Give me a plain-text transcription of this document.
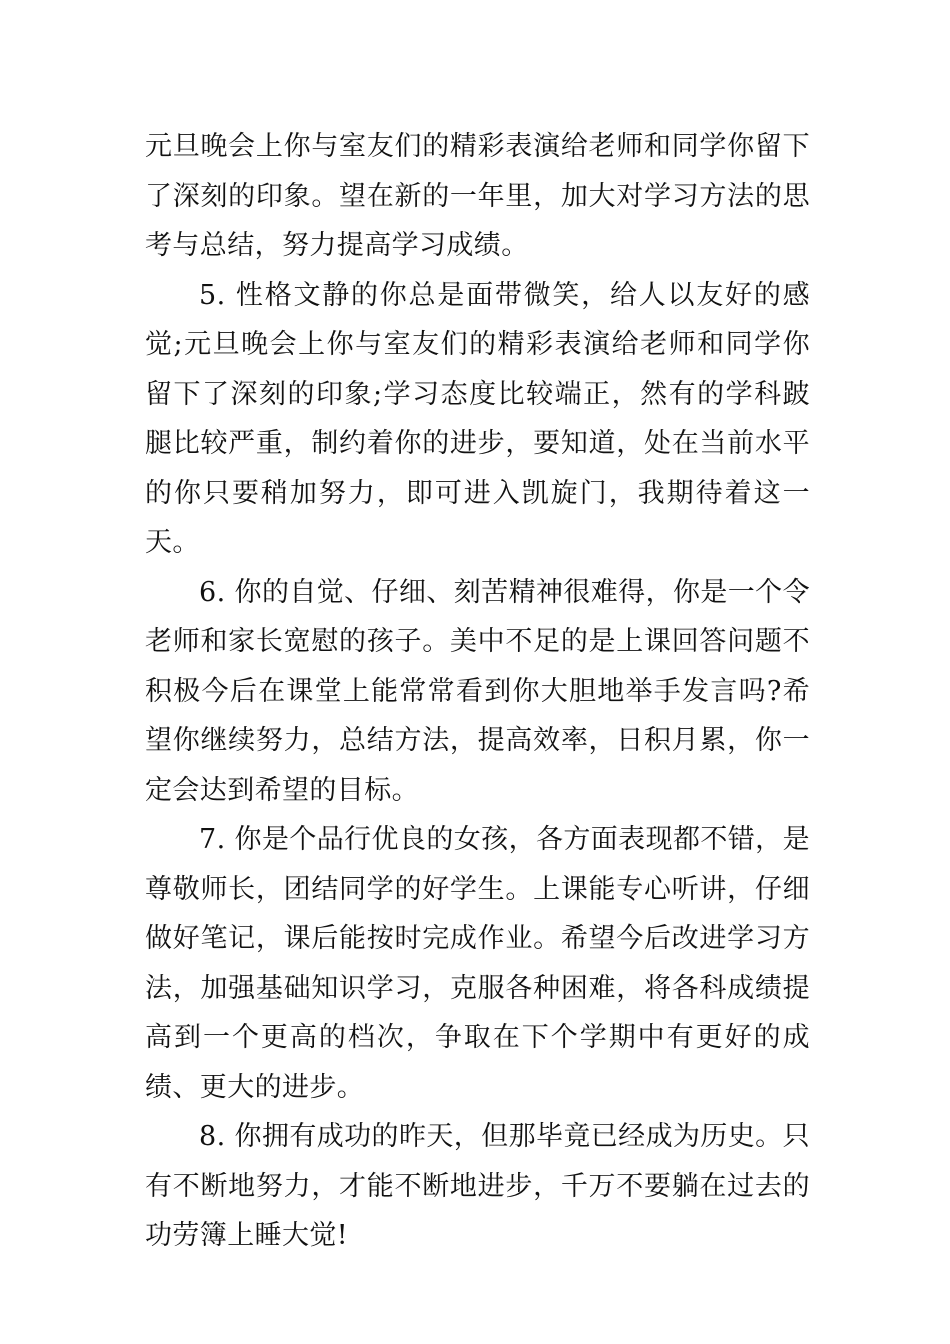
元旦晚会上你与室友们的精彩表演给老师和同学你留下了深刻的印象。望在新的一年里，加大对学习方法的思考与总结，努力提高学习成绩。

5. 性格文静的你总是面带微笑，给人以友好的感觉;元旦晚会上你与室友们的精彩表演给老师和同学你留下了深刻的印象;学习态度比较端正，然有的学科跛腿比较严重，制约着你的进步，要知道，处在当前水平的你只要稍加努力，即可进入凯旋门，我期待着这一天。

6. 你的自觉、仔细、刻苦精神很难得，你是一个令老师和家长宽慰的孩子。美中不足的是上课回答问题不积极今后在课堂上能常常看到你大胆地举手发言吗?希望你继续努力，总结方法，提高效率，日积月累，你一定会达到希望的目标。

7. 你是个品行优良的女孩，各方面表现都不错，是尊敬师长，团结同学的好学生。上课能专心听讲，仔细做好笔记，课后能按时完成作业。希望今后改进学习方法，加强基础知识学习，克服各种困难，将各科成绩提高到一个更高的档次，争取在下个学期中有更好的成绩、更大的进步。

8. 你拥有成功的昨天，但那毕竟已经成为历史。只有不断地努力，才能不断地进步，千万不要躺在过去的功劳簿上睡大觉!
